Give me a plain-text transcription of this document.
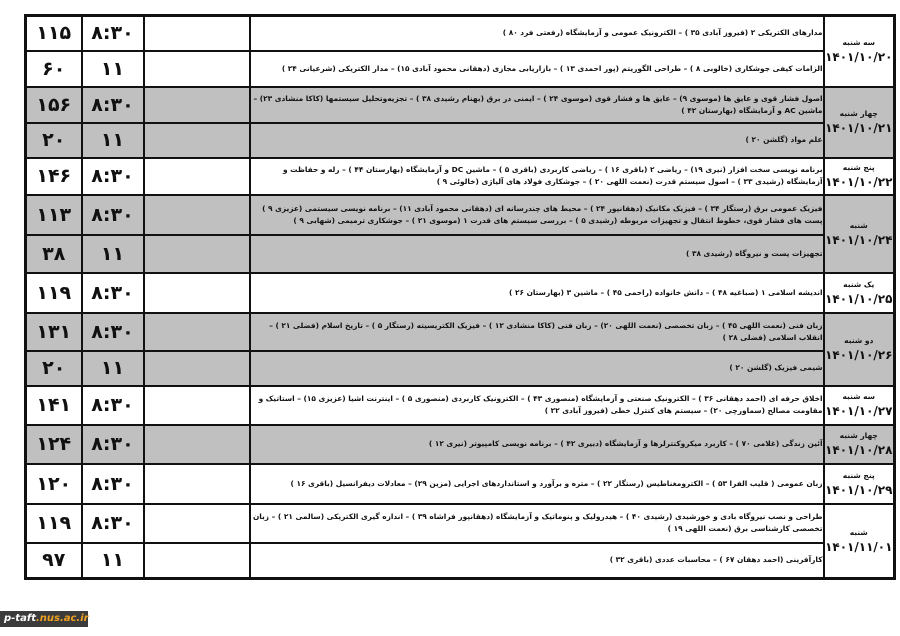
۱۱۵	۸:۳۰		مدارهای الکتریکی ۲ (فیروز آبادی ۳۵ ) – الکترونیک عمومی و آزمایشگاه (رفعتی فرد ۸۰ )	سه شنبه
۱۴۰۱/۱۰/۲۰

۶۰	۱۱		الزامات کیفی جوشکاری (خالوبی ۸ ) – طراحی الگوریتم (پور احمدی ۱۳ ) – بازاریابی مجازی (دهقانی محمود آبادی ۱۵) – مدار الکتریکی (شرعیانی ۲۴ )	
۱۵۶	۸:۳۰		اصول فشار قوی و عایق ها (موسوی ۹) – عایق ها و فشار قوی (موسوی ۲۴ ) – ایمنی در برق (بهنام رشیدی ۳۸ ) – تجزیه‌وتحلیل سیستمها (کاکا منشادی ۲۳) – ماشین AC و آزمایشگاه (بهارستان ۴۲ )	چهار شنبه
۱۴۰۱/۱۰/۲۱

۲۰	۱۱		علم مواد (گلشن ۲۰ )	
۱۴۶	۸:۳۰		برنامه نویسی سخت افزار (نیری ۱۹) – ریاضی ۲ (باقری ۱۶ ) – ریاضی کاربردی (باقری ۵ ) – ماشین DC و آزمایشگاه (بهارستان ۴۴ ) – رله و حفاظت و آزمایشگاه (رشیدی ۳۳ ) – اصول سیستم قدرت (نعمت اللهی ۲۰ ) – جوشکاری فولاد های آلیاژی (خالوئی ۹ )	پنج شنبه
۱۴۰۱/۱۰/۲۲

۱۱۳	۸:۳۰		فیزیک عمومی برق (رستگار ۳۴ ) – فیزیک مکانیک (دهقانپور ۲۴ ) – محیط های چندرسانه ای (دهقانی محمود آبادی ۱۱) – برنامه نویسی سیستمی (عزیزی ۹ ) پست های فشار قوی، خطوط انتقال و تجهیزات مربوطه (رشیدی ۵ ) – بررسی سیستم های قدرت ۱ (موسوی ۲۱ ) – جوشکاری ترمیمی (شهابی ۹ )	شنبه
۱۴۰۱/۱۰/۲۴

۳۸	۱۱		تجهیزات پست و نیروگاه (رشیدی ۳۸ )	
۱۱۹	۸:۳۰		اندیشه اسلامی ۱ (صباغیه ۴۸ ) – دانش خانواده (راحمی ۴۵ ) – ماشین ۳ (بهارستان ۲۶ )	یک شنبه
۱۴۰۱/۱۰/۲۵

۱۳۱	۸:۳۰		زبان فنی (نعمت اللهی ۴۵ ) – زبان تخصصی (نعمت اللهی ۲۰) – زبان فنی (کاکا منشادی ۱۲ ) – فیزیک الکتریسیته (رستگار ۵ ) – تاریخ اسلام (فضلی ۲۱ ) – انقلاب اسلامی (فضلی ۲۸ )	دو شنبه
۱۴۰۱/۱۰/۲۶

۲۰	۱۱		شیمی فیزیک (گلشن ۲۰ )	
۱۴۱	۸:۳۰		اخلاق حرفه ای (احمد دهقانی ۳۶ ) – الکترونیک صنعتی و آزمایشگاه (منصوری ۴۳ ) – الکترونیک کاربردی (منصوری ۵ ) – اینترنت اشیا (عزیزی ۱۵) – استاتیک و مقاومت مصالح (سماورچی ۲۰) – سیستم های کنترل خطی (فیروز آبادی ۲۲ )	سه شنبه
۱۴۰۱/۱۰/۲۷

۱۲۴	۸:۳۰		آئین زندگی (غلامی ۷۰ ) – کاربرد میکروکنترلرها و آزمایشگاه (دبیری ۴۲ ) – برنامه نویسی کامپیوتر (نیری ۱۲ )	چهار شنبه
۱۴۰۱/۱۰/۲۸

۱۲۰	۸:۳۰		زبان عمومی ( قلیب الفرا ۵۳ ) – الکترومغناطیس (رستگار ۲۲ ) – متره و برآورد و استانداردهای اجرایی (مزین ۲۹) – معادلات دیفرانسیل (باقری ۱۶ )	پنج شنبه
۱۴۰۱/۱۰/۲۹

۱۱۹	۸:۳۰		طراحی و نصب نیروگاه بادی و خورشیدی (رشیدی ۴۰ ) – هیدرولیک و پنوماتیک و آزمایشگاه (دهقانپور فراشاه ۳۹ ) – اندازه گیری الکتریکی (سالمی ۲۱ ) – زبان تخصصی کارشناسی برق (نعمت اللهی ۱۹ )	شنبه
۱۴۰۱/۱۱/۰۱

۹۷	۱۱		کارآفرینی (احمد دهقان ۶۷ ) – محاسبات عددی (باقری ۳۲ )	
p-taft.nus.ac.ir
